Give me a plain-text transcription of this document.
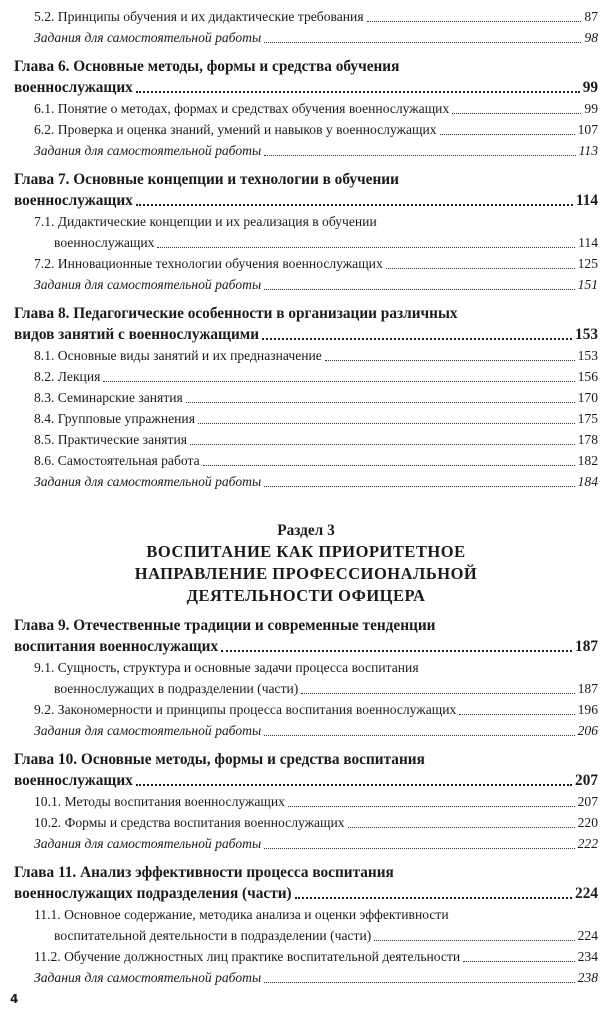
5.2. Принципы обучения и их дидактические требования	87
Задания для самостоятельной работы	98
Глава 6. Основные методы, формы и средства обучения
военнослужащих	99
6.1. Понятие о методах, формах и средствах обучения военнослужащих	99
6.2. Проверка и оценка знаний, умений и навыков у военнослужащих	107
Задания для самостоятельной работы	113
Глава 7. Основные концепции и технологии в обучении
военнослужащих	114
7.1. Дидактические концепции и их реализация в обучении
военнослужащих	114
7.2. Инновационные технологии обучения военнослужащих	125
Задания для самостоятельной работы	151
Глава 8. Педагогические особенности в организации различных
видов занятий с военнослужащими	153
8.1. Основные виды занятий и их предназначение	153
8.2. Лекция	156
8.3. Семинарские занятия	170
8.4. Групповые упражнения	175
8.5. Практические занятия	178
8.6. Самостоятельная работа	182
Задания для самостоятельной работы	184
Раздел 3
ВОСПИТАНИЕ КАК ПРИОРИТЕТНОЕ
НАПРАВЛЕНИЕ ПРОФЕССИОНАЛЬНОЙ
ДЕЯТЕЛЬНОСТИ ОФИЦЕРА
Глава 9. Отечественные традиции и современные тенденции
воспитания военнослужащих	187
9.1. Сущность, структура и основные задачи процесса воспитания
военнослужащих в подразделении (части)	187
9.2. Закономерности и принципы процесса воспитания военнослужащих	196
Задания для самостоятельной работы	206
Глава 10. Основные методы, формы и средства воспитания
военнослужащих	207
10.1. Методы воспитания военнослужащих	207
10.2. Формы и средства воспитания военнослужащих	220
Задания для самостоятельной работы	222
Глава 11. Анализ эффективности процесса воспитания
военнослужащих подразделения (части)	224
11.1. Основное содержание, методика анализа и оценки эффективности
воспитательной деятельности в подразделении (части)	224
11.2. Обучение должностных лиц практике воспитательной деятельности	234
Задания для самостоятельной работы	238
4
